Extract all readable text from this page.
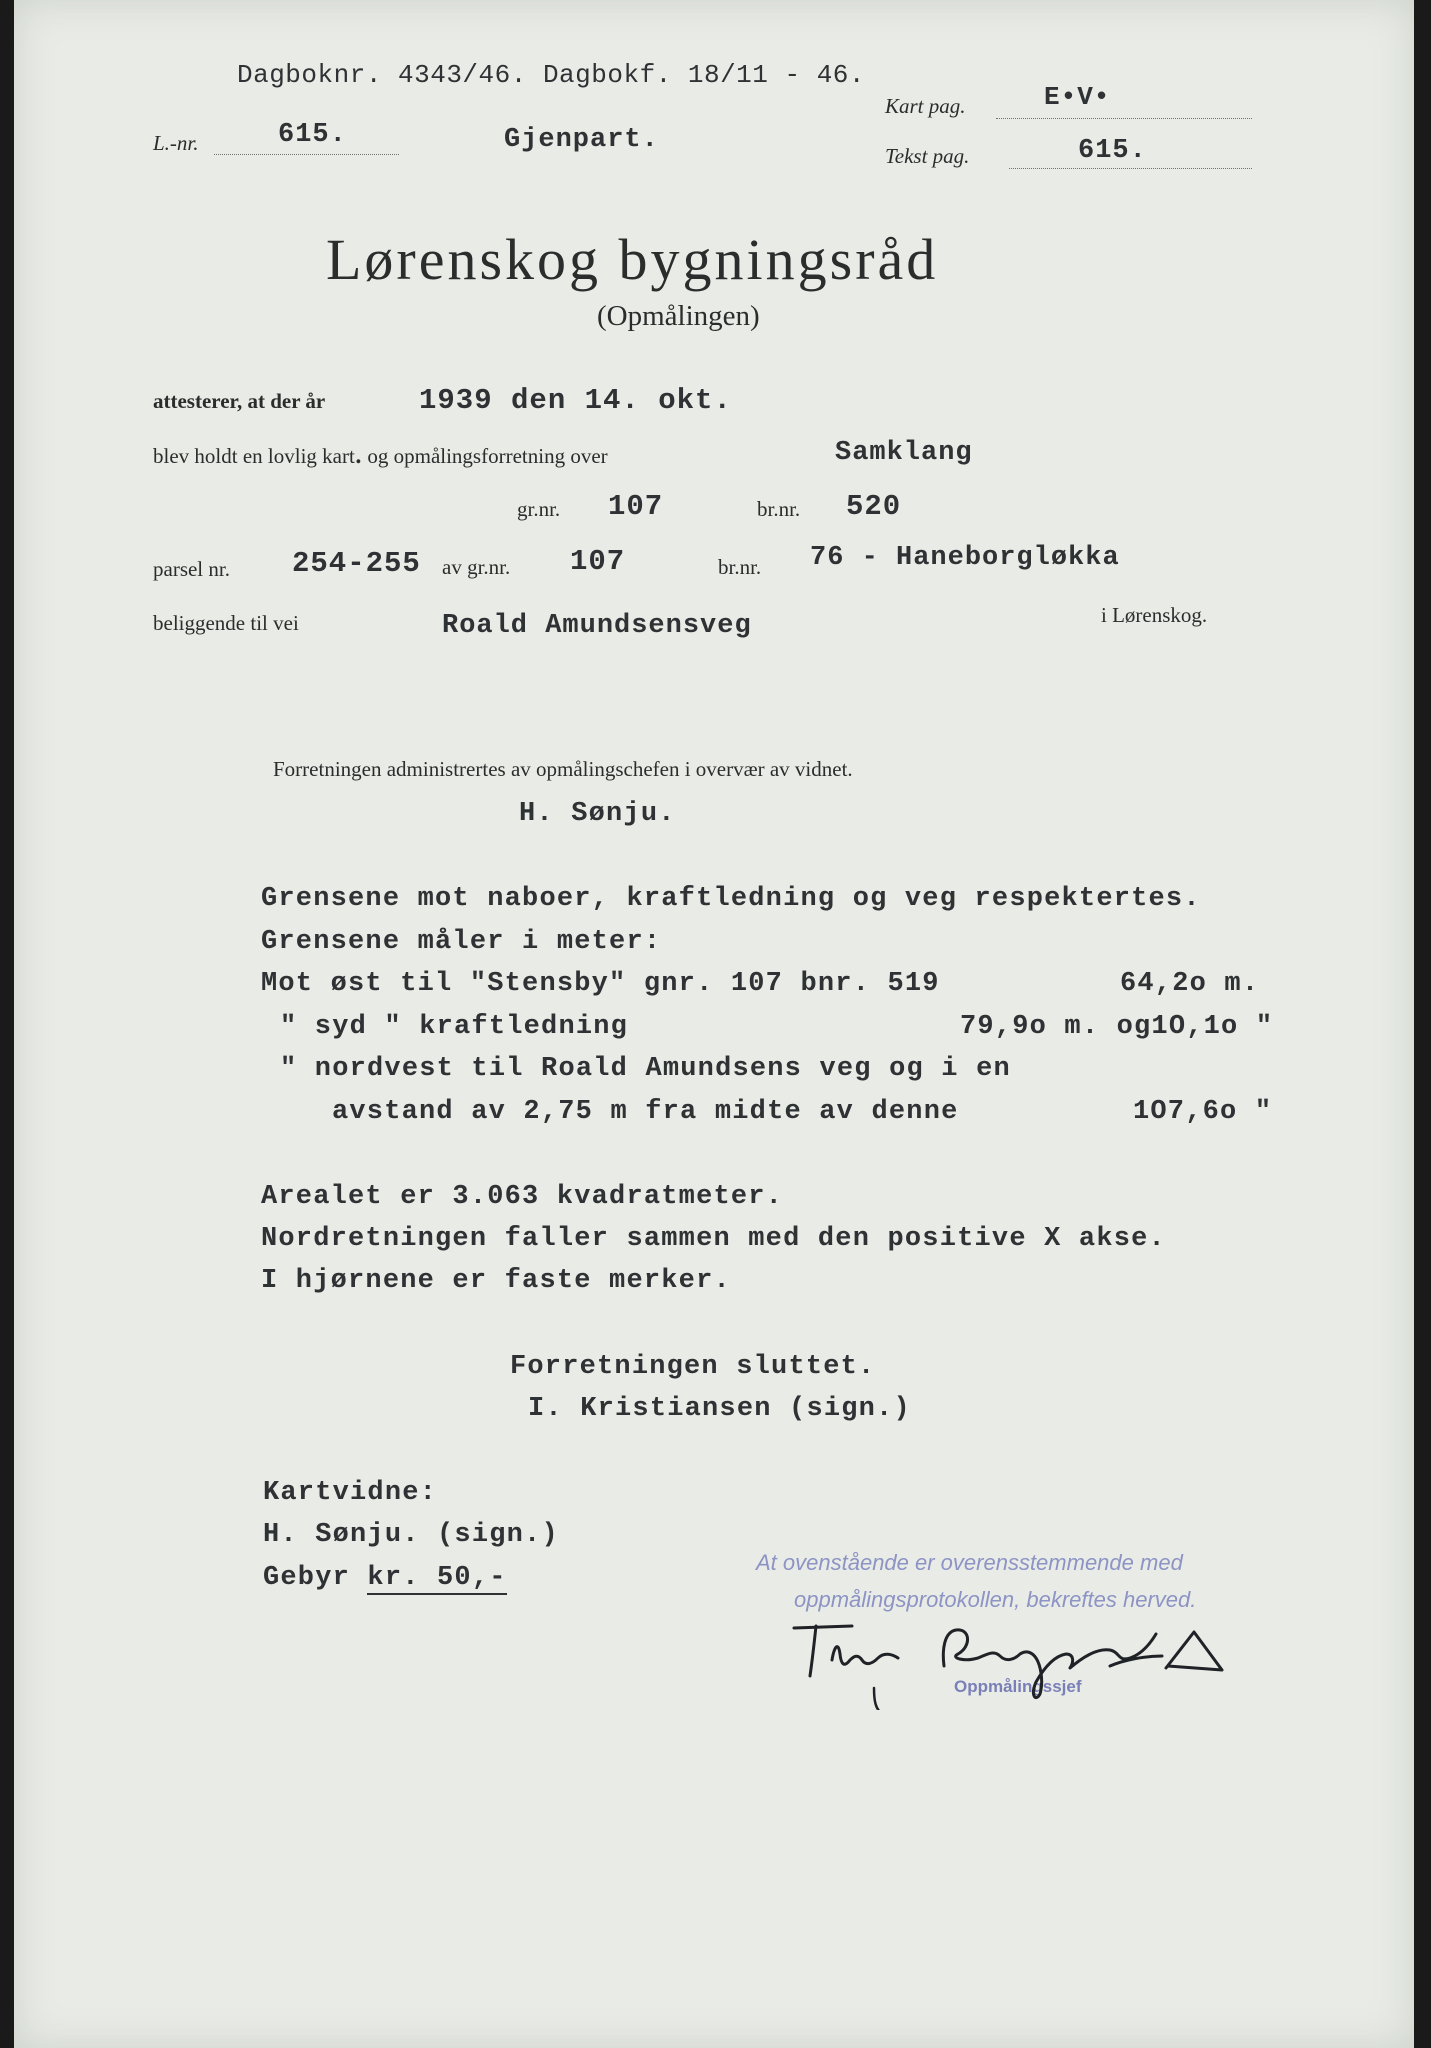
Dagboknr. 4343/46. Dagbokf. 18/11 - 46.
Kart pag.	E•V•
L.-nr.	615.	Gjenpart.
Tekst pag.	615.
Lørenskog bygningsråd
(Opmålingen)
attesterer, at der år	1939 den 14. okt.
blev holdt en lovlig kart․ og opmålingsforretning over	Samklang
gr.nr. 107	br.nr. 520
parsel nr. 254-255 av gr.nr. 107	br.nr. 76 - Haneborgløkka
beliggende til vei	Roald Amundsensveg	i Lørenskog.
Forretningen administrertes av opmålingschefen i overvær av vidnet.
H. Sønju.
Grensene mot naboer, kraftledning og veg respektertes.
Grensene måler i meter:
Mot øst til "Stensby" gnr. 107 bnr. 519	64,2o m.
" syd " kraftledning	79,9o m. og1O,1o "
" nordvest til Roald Amundsens veg og i en
avstand av 2,75 m fra midte av denne	1O7,6o "
Arealet er 3.063 kvadratmeter.
Nordretningen faller sammen med den positive X akse.
I hjørnene er faste merker.
Forretningen sluttet.
I. Kristiansen (sign.)
Kartvidne:
H. Sønju. (sign.)
Gebyr kr. 50,-
At ovenstående er overensstemmende med
oppmålingsprotokollen, bekreftes herved.
Oppmålingssjef
